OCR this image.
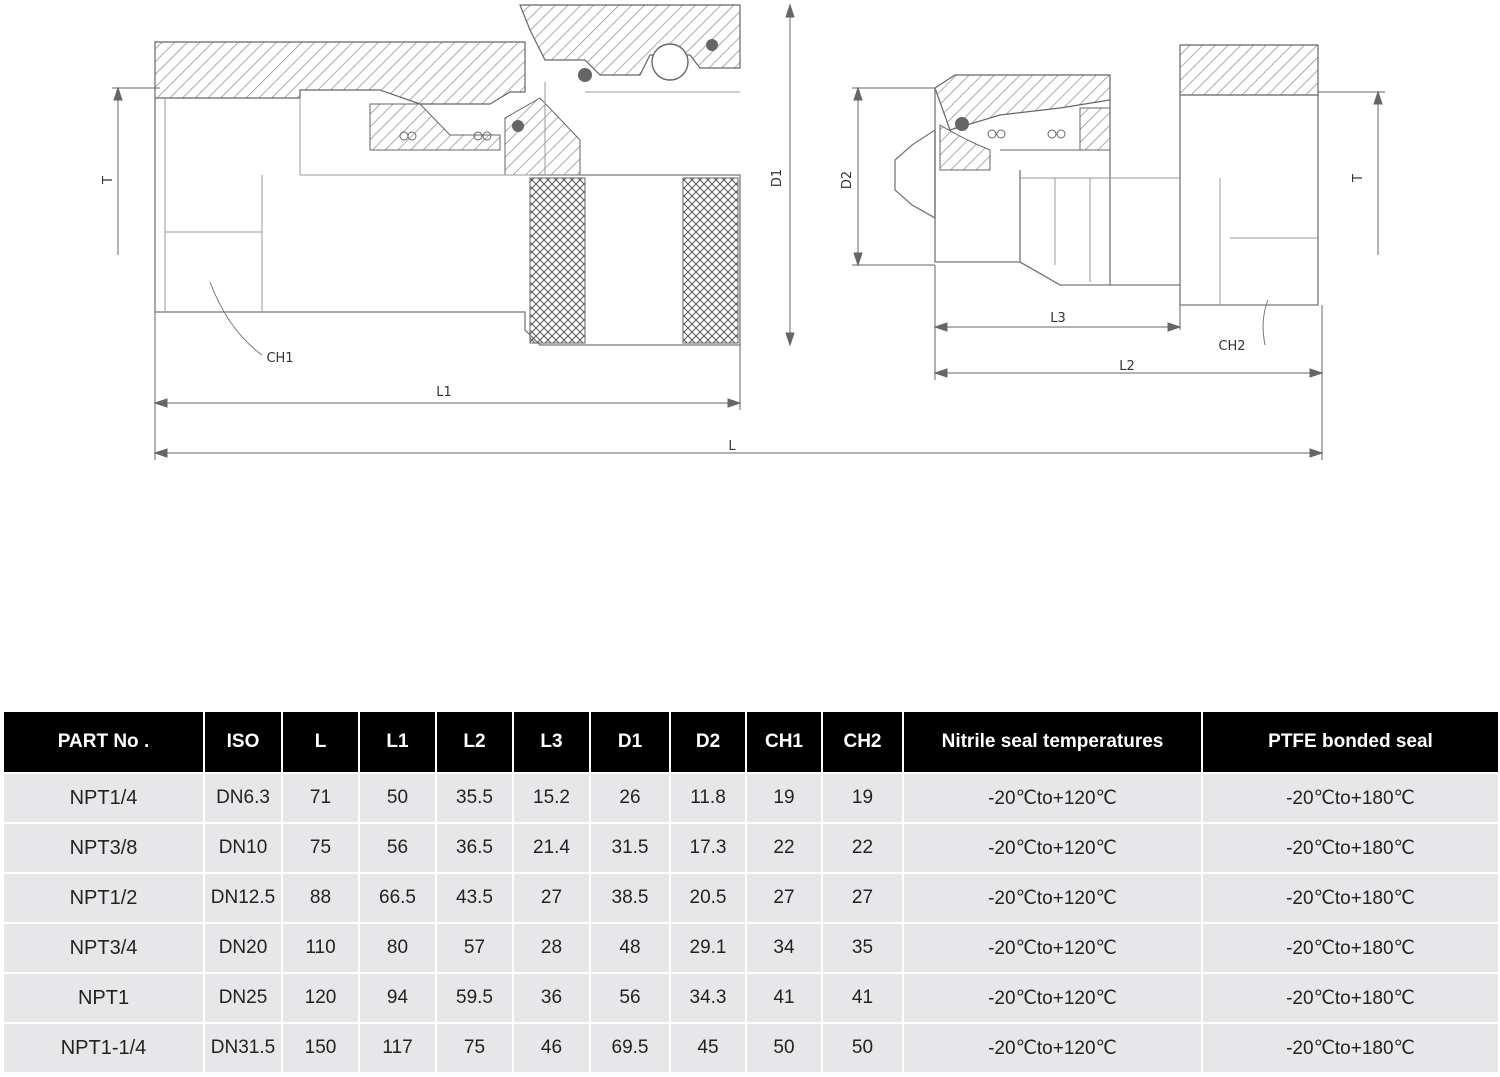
T	T
CH1
CH2
L1
L3
L2
L
D1	D2
PART No .	ISO	L	L1	L2	L3	D1	D2	CH1	CH2	Nitrile seal temperatures	PTFE bonded seal
NPT1/4	DN6.3	71	50	35.5	15.2	26	11.8	19	19	-20℃to+120℃	-20℃to+180℃
NPT3/8	DN10	75	56	36.5	21.4	31.5	17.3	22	22	-20℃to+120℃	-20℃to+180℃
NPT1/2	DN12.5	88	66.5	43.5	27	38.5	20.5	27	27	-20℃to+120℃	-20℃to+180℃
NPT3/4	DN20	110	80	57	28	48	29.1	34	35	-20℃to+120℃	-20℃to+180℃
NPT1	DN25	120	94	59.5	36	56	34.3	41	41	-20℃to+120℃	-20℃to+180℃
NPT1-1/4	DN31.5	150	117	75	46	69.5	45	50	50	-20℃to+120℃	-20℃to+180℃
